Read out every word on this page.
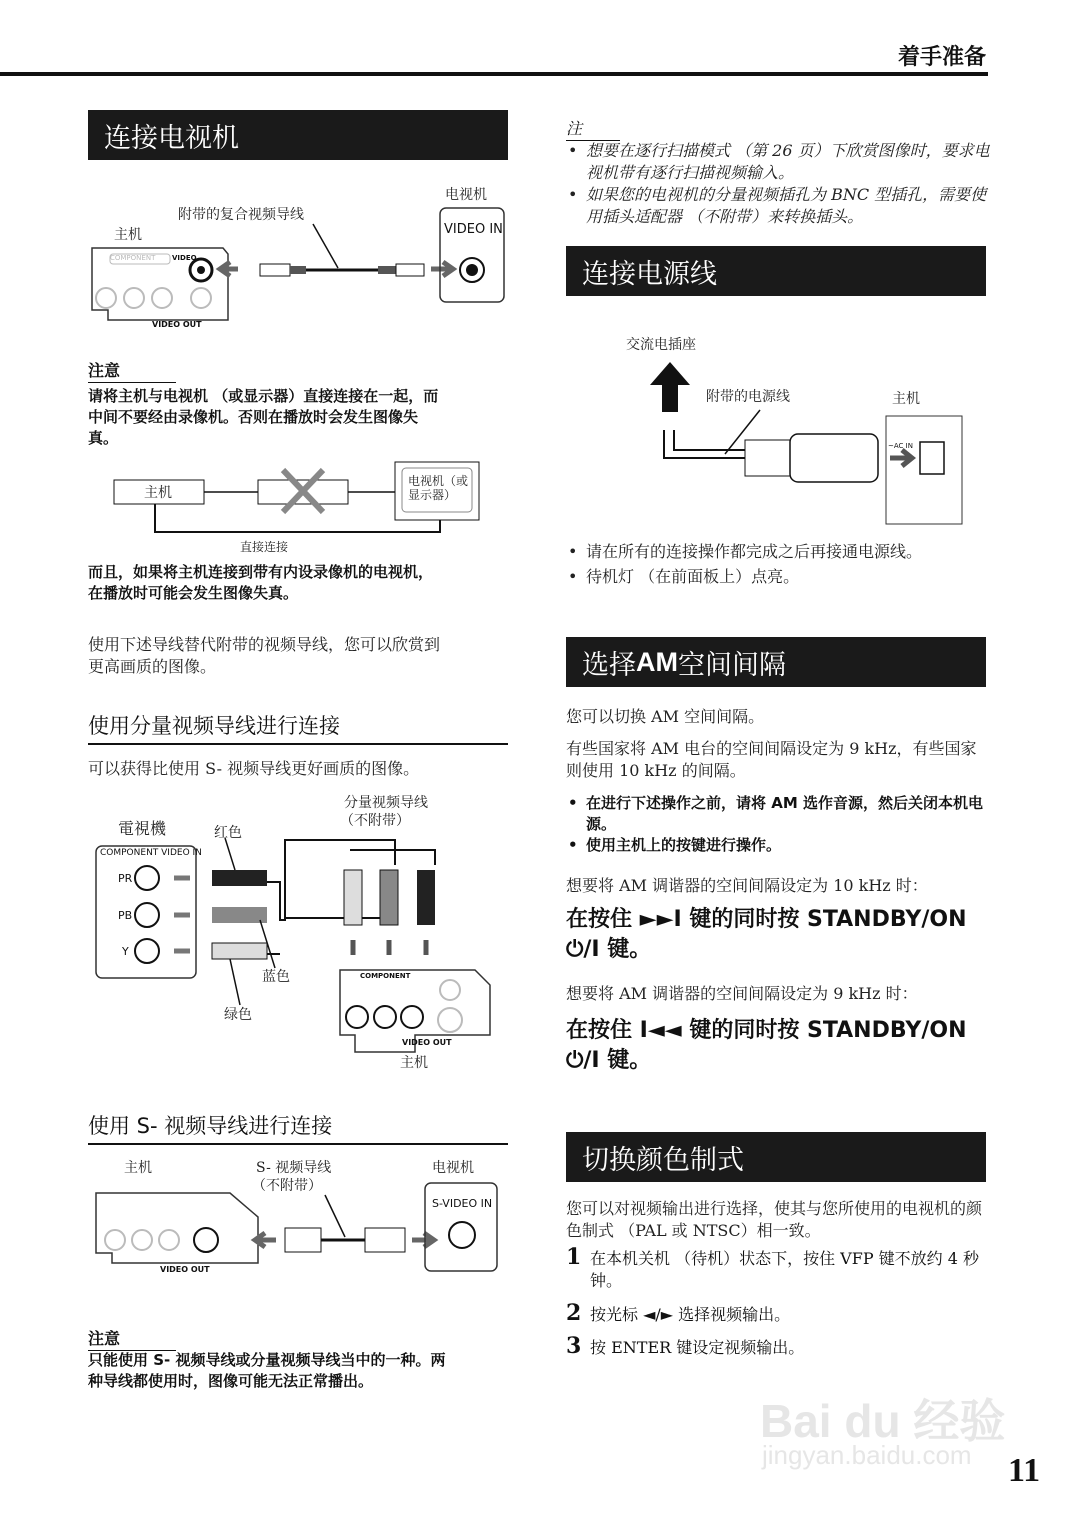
着手准备
连接电视机
电视机
附带的复合视频导线
主机	VIDEO IN
COMPONENT VIDEO
VIDEO OUT
注意
请将主机与电视机 （或显示器）直接连接在一起，而
中间不要经由录像机。否则在播放时会发生图像失
真。
主机
电视机（或显示器）
直接连接
而且，如果将主机连接到带有内设录像机的电视机，
在播放时可能会发生图像失真。
使用下述导线替代附带的视频导线，您可以欣赏到
更高画质的图像。
使用分量视频导线进行连接
可以获得比使用 S- 视频导线更好画质的图像。
電視機
分量视频导线
（不附带）
红色
蓝色
绿色
COMPONENT VIDEO IN
PR
PB
Y
COMPONENT
VIDEO OUT
主机
使用 S- 视频导线进行连接
主机	S- 视频导线
（不附带）
电视机
S-VIDEO IN
VIDEO OUT
注意
只能使用 S- 视频导线或分量视频导线当中的一种。两
种导线都使用时，图像可能无法正常播出。
注
• 想要在逐行扫描模式 （第 26 页）下欣赏图像时，要求电视机带有逐行扫描视频输入。
• 如果您的电视机的分量视频插孔为 BNC 型插孔，需要使用插头适配器 （不附带）来转换插头。
连接电源线
交流电插座
附带的电源线	主机
~AC IN
• 请在所有的连接操作都完成之后再接通电源线。
• 待机灯 （在前面板上）点亮。
选择 AM 空间间隔
您可以切换 AM 空间间隔。
有些国家将 AM 电台的空间间隔设定为 9 kHz，有些国家则使用 10 kHz 的间隔。
• 在进行下述操作之前，请将 AM 选作音源，然后关闭本机电源。
• 使用主机上的按键进行操作。
想要将 AM 调谐器的空间间隔设定为 10 kHz 时：
在按住 ►►I 键的同时按 STANDBY/ON ⏻/I 键。
想要将 AM 调谐器的空间间隔设定为 9 kHz 时：
在按住 I◄◄ 键的同时按 STANDBY/ON ⏻/I 键。
切换颜色制式
您可以对视频输出进行选择，使其与您所使用的电视机的颜色制式 （PAL 或 NTSC）相一致。
1 在本机关机 （待机）状态下，按住 VFP 键不放约 4 秒钟。
2 按光标 ◄/► 选择视频输出。
3 按 ENTER 键设定视频输出。
Bai du 经验
jingyan.baidu.com 11
